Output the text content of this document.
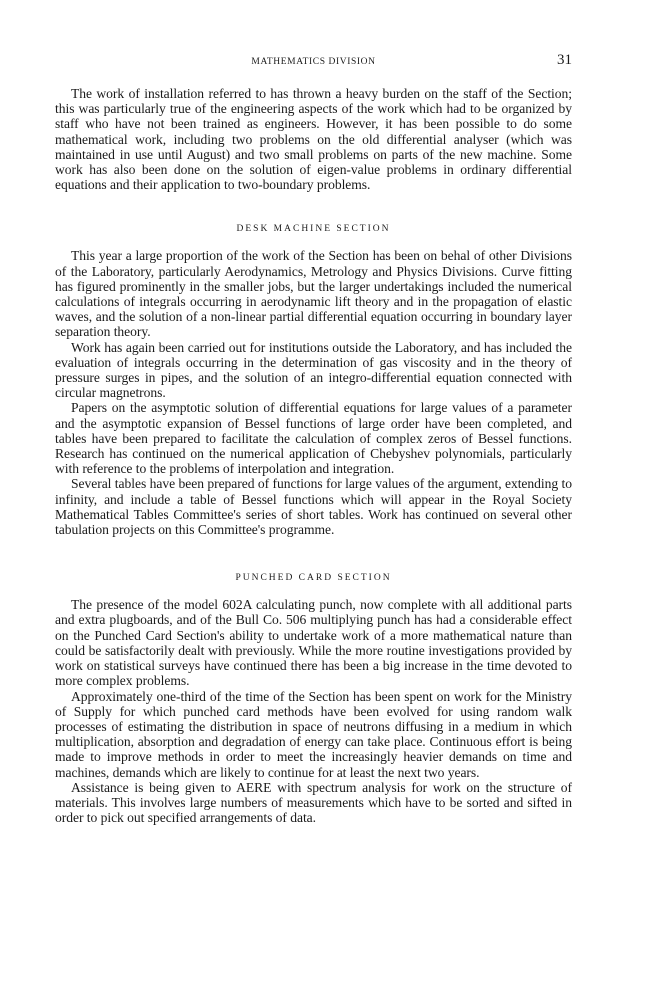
MATHEMATICS DIVISION	31

The work of installation referred to has thrown a heavy burden on the staff of the Section; this was particularly true of the engineering aspects of the work which had to be organized by staff who have not been trained as engineers. However, it has been possible to do some mathematical work, including two problems on the old differential analyser (which was maintained in use until August) and two small problems on parts of the new machine. Some work has also been done on the solution of eigen-value problems in ordinary differential equations and their application to two-boundary problems.

DESK MACHINE SECTION

This year a large proportion of the work of the Section has been on behal of other Divisions of the Laboratory, particularly Aerodynamics, Metrology and Physics Divisions. Curve fitting has figured prominently in the smaller jobs, but the larger undertakings included the numerical calculations of integrals occurring in aerodynamic lift theory and in the propagation of elastic waves, and the solution of a non-linear partial differential equation occurring in boundary layer separation theory.

Work has again been carried out for institutions outside the Laboratory, and has included the evaluation of integrals occurring in the determination of gas viscosity and in the theory of pressure surges in pipes, and the solution of an integro-differential equation connected with circular magnetrons.

Papers on the asymptotic solution of differential equations for large values of a parameter and the asymptotic expansion of Bessel functions of large order have been completed, and tables have been prepared to facilitate the calculation of complex zeros of Bessel functions. Research has continued on the numerical application of Chebyshev polynomials, particularly with reference to the problems of interpolation and integration.

Several tables have been prepared of functions for large values of the argument, extending to infinity, and include a table of Bessel functions which will appear in the Royal Society Mathematical Tables Committee's series of short tables. Work has continued on several other tabulation projects on this Committee's programme.

PUNCHED CARD SECTION

The presence of the model 602A calculating punch, now complete with all additional parts and extra plugboards, and of the Bull Co. 506 multiplying punch has had a considerable effect on the Punched Card Section's ability to undertake work of a more mathematical nature than could be satisfactorily dealt with previously. While the more routine investigations provided by work on statistical surveys have continued there has been a big increase in the time devoted to more complex problems.

Approximately one-third of the time of the Section has been spent on work for the Ministry of Supply for which punched card methods have been evolved for using random walk processes of estimating the distribution in space of neutrons diffusing in a medium in which multiplication, absorption and degradation of energy can take place. Continuous effort is being made to improve methods in order to meet the increasingly heavier demands on time and machines, demands which are likely to continue for at least the next two years.

Assistance is being given to AERE with spectrum analysis for work on the structure of materials. This involves large numbers of measurements which have to be sorted and sifted in order to pick out specified arrangements of data.
